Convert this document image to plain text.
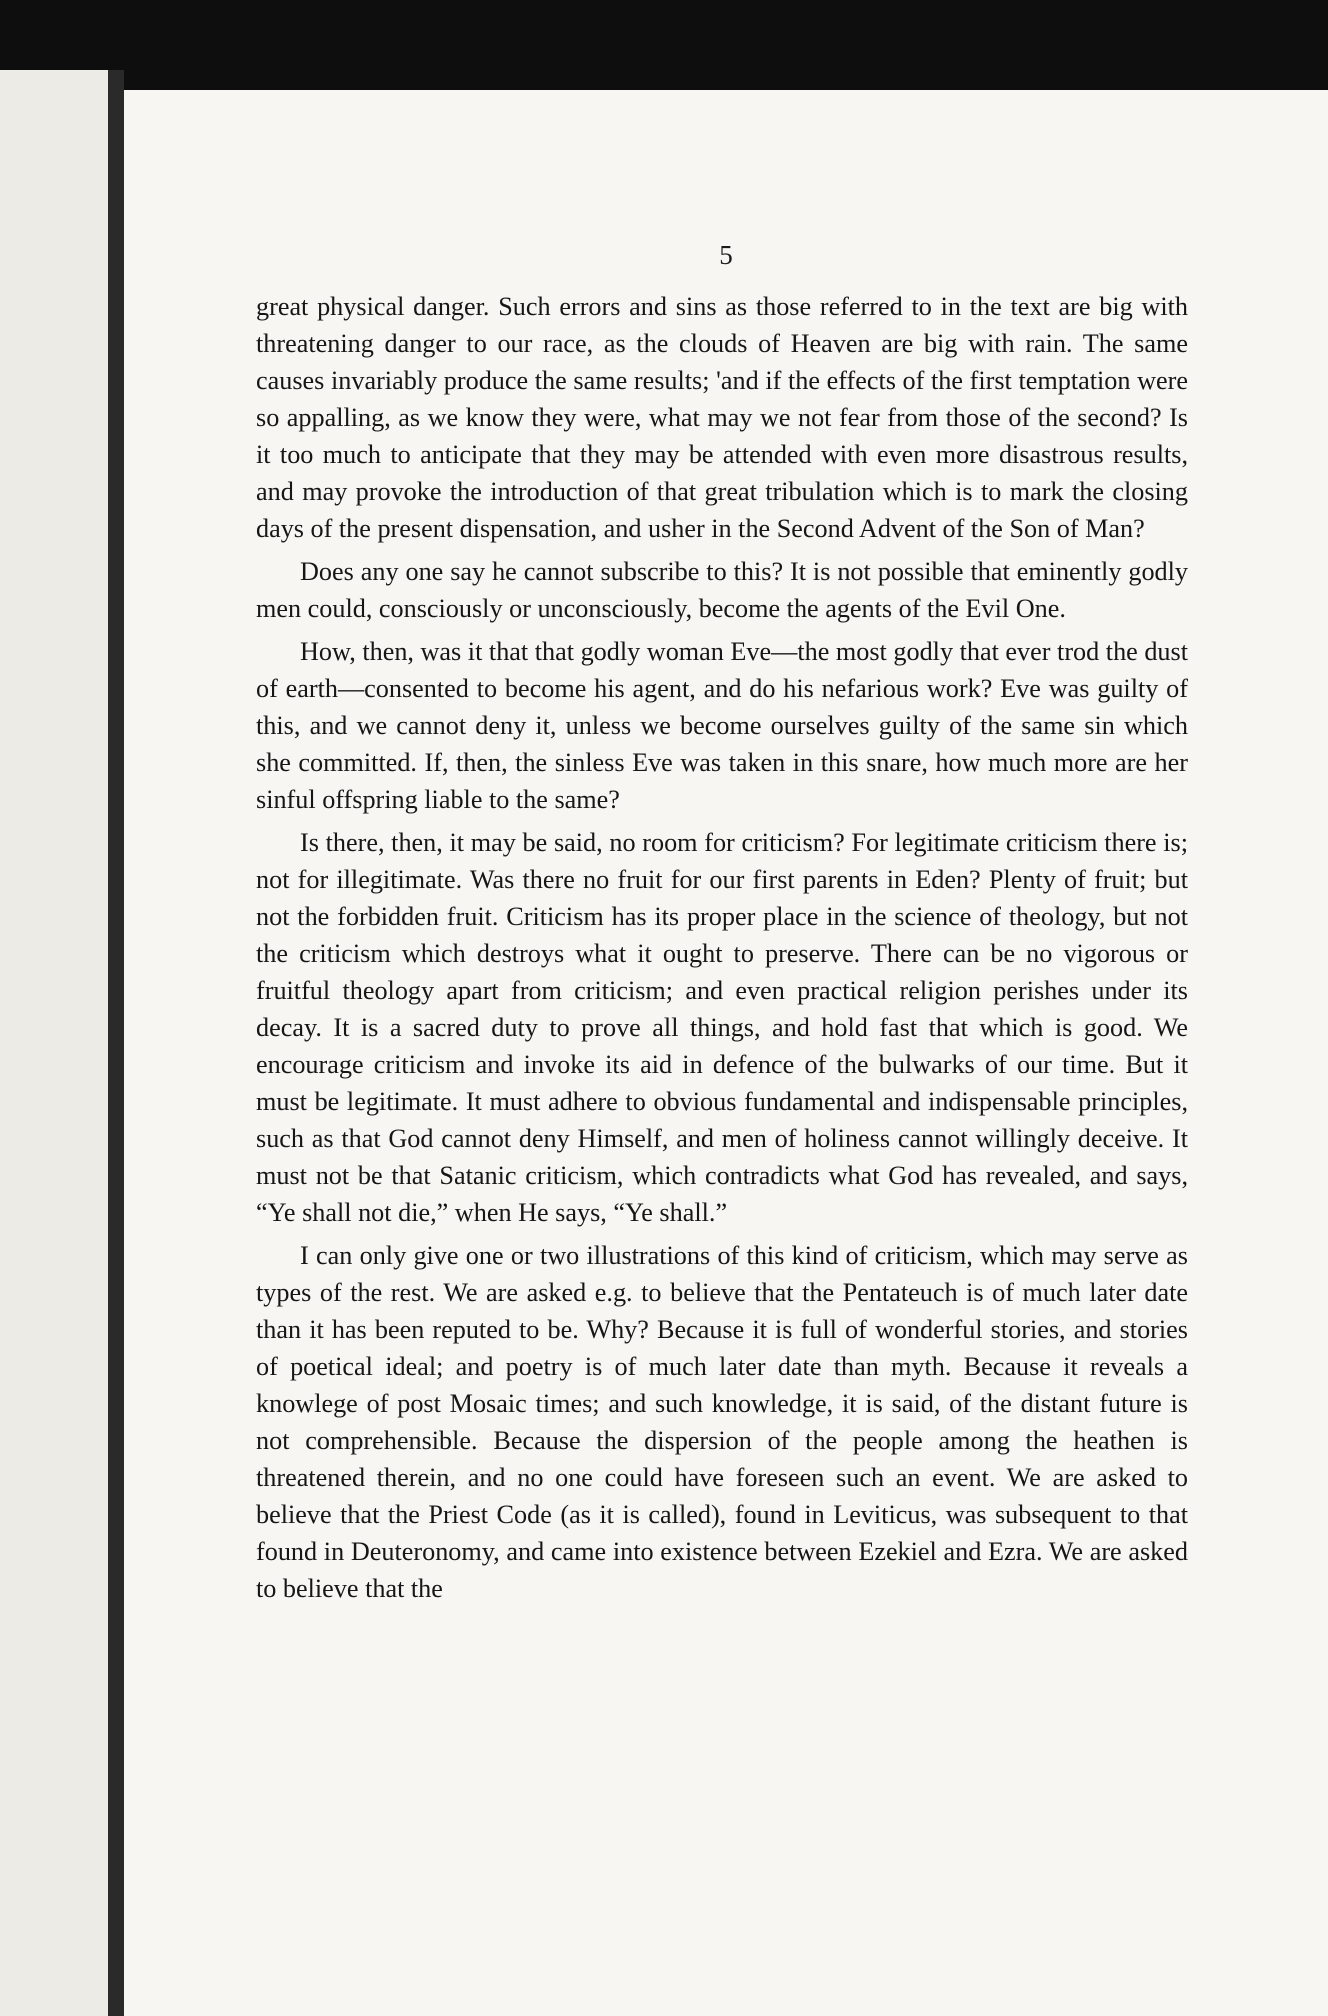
5

great physical danger. Such errors and sins as those referred to in the text are big with threatening danger to our race, as the clouds of Heaven are big with rain. The same causes invariably produce the same results; 'and if the effects of the first temptation were so appalling, as we know they were, what may we not fear from those of the second? Is it too much to anticipate that they may be attended with even more disastrous results, and may provoke the introduction of that great tribulation which is to mark the closing days of the present dispensation, and usher in the Second Advent of the Son of Man?

Does any one say he cannot subscribe to this? It is not possible that eminently godly men could, consciously or unconsciously, become the agents of the Evil One.

How, then, was it that that godly woman Eve—the most godly that ever trod the dust of earth—consented to become his agent, and do his nefarious work? Eve was guilty of this, and we cannot deny it, unless we become ourselves guilty of the same sin which she committed. If, then, the sinless Eve was taken in this snare, how much more are her sinful offspring liable to the same?

Is there, then, it may be said, no room for criticism? For legitimate criticism there is; not for illegitimate. Was there no fruit for our first parents in Eden? Plenty of fruit; but not the forbidden fruit. Criticism has its proper place in the science of theology, but not the criticism which destroys what it ought to preserve. There can be no vigorous or fruitful theology apart from criticism; and even practical religion perishes under its decay. It is a sacred duty to prove all things, and hold fast that which is good. We encourage criticism and invoke its aid in defence of the bulwarks of our time. But it must be legitimate. It must adhere to obvious fundamental and indispensable principles, such as that God cannot deny Himself, and men of holiness cannot willingly deceive. It must not be that Satanic criticism, which contradicts what God has revealed, and says, “Ye shall not die,” when He says, “Ye shall.”

I can only give one or two illustrations of this kind of criticism, which may serve as types of the rest. We are asked e.g. to believe that the Pentateuch is of much later date than it has been reputed to be. Why? Because it is full of wonderful stories, and stories of poetical ideal; and poetry is of much later date than myth. Because it reveals a knowlege of post Mosaic times; and such knowledge, it is said, of the distant future is not comprehensible. Because the dispersion of the people among the heathen is threatened therein, and no one could have foreseen such an event. We are asked to believe that the Priest Code (as it is called), found in Leviticus, was subsequent to that found in Deuteronomy, and came into existence between Ezekiel and Ezra. We are asked to believe that the
